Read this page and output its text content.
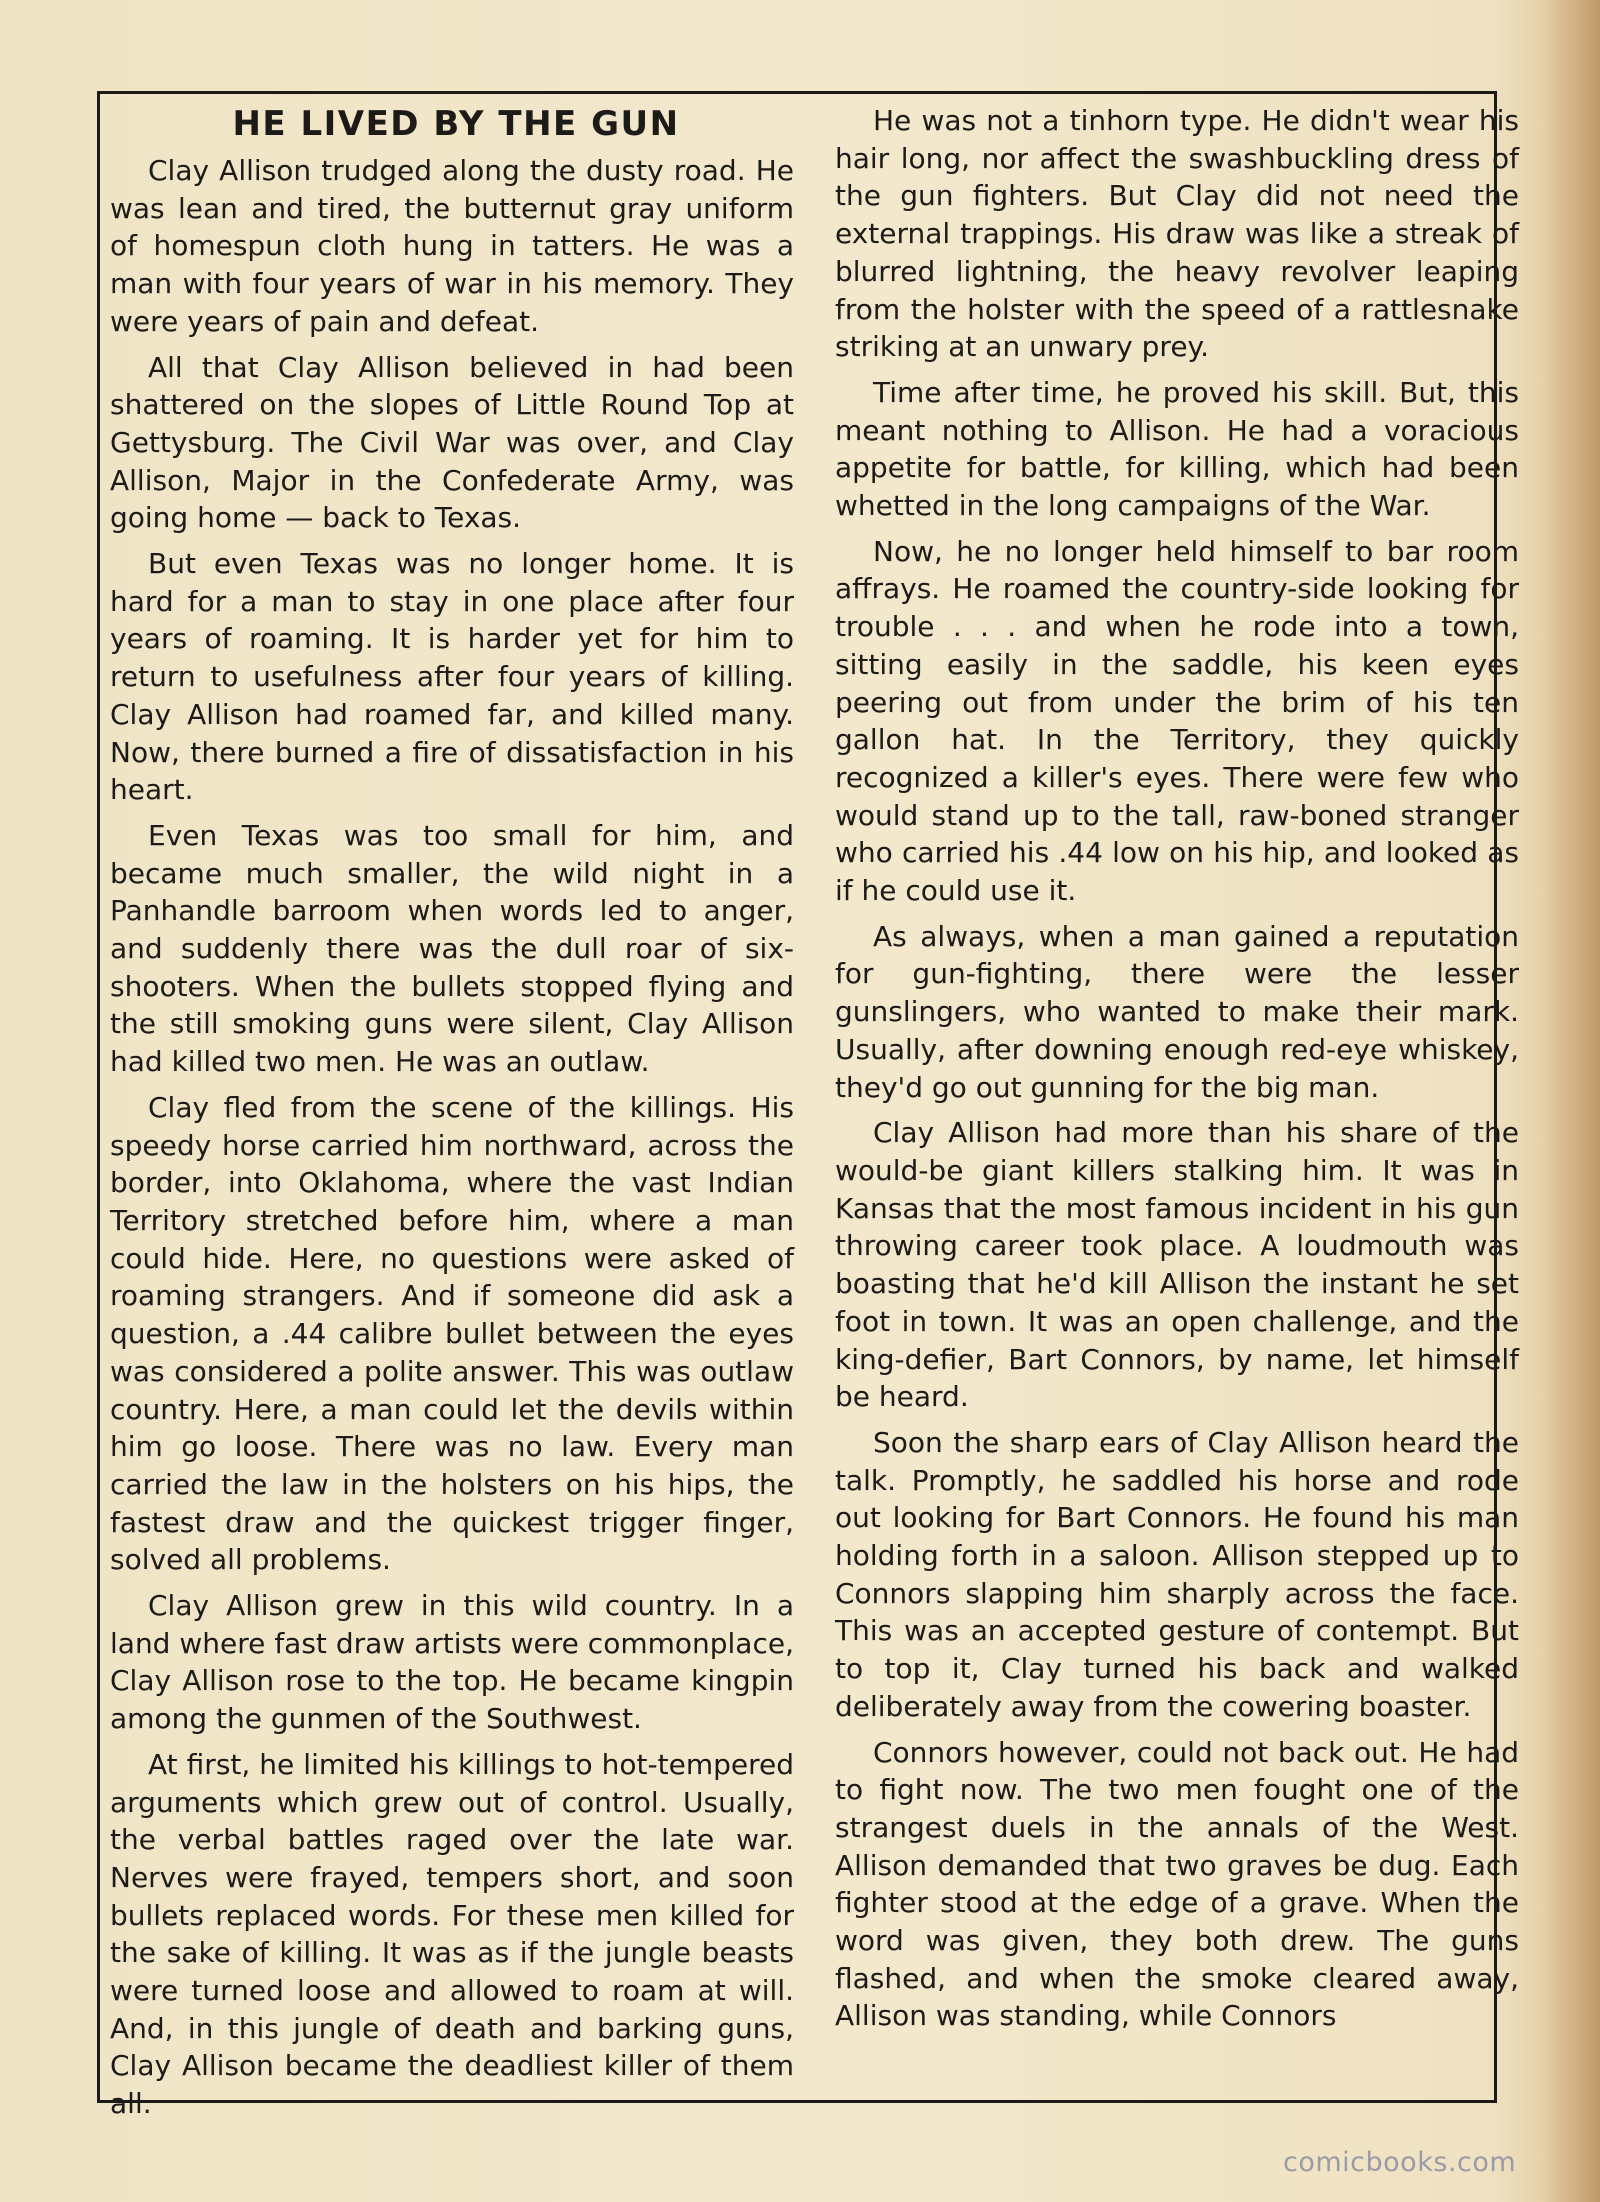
HE LIVED BY THE GUN

Clay Allison trudged along the dusty road. He was lean and tired, the butternut gray uniform of homespun cloth hung in tatters. He was a man with four years of war in his memory. They were years of pain and defeat.

All that Clay Allison believed in had been shattered on the slopes of Little Round Top at Gettysburg. The Civil War was over, and Clay Allison, Major in the Confederate Army, was going home — back to Texas.

But even Texas was no longer home. It is hard for a man to stay in one place after four years of roaming. It is harder yet for him to return to usefulness after four years of killing. Clay Allison had roamed far, and killed many. Now, there burned a fire of dissatisfaction in his heart.

Even Texas was too small for him, and became much smaller, the wild night in a Panhandle barroom when words led to anger, and suddenly there was the dull roar of six-shooters. When the bullets stopped flying and the still smoking guns were silent, Clay Allison had killed two men. He was an outlaw.

Clay fled from the scene of the killings. His speedy horse carried him northward, across the border, into Oklahoma, where the vast Indian Territory stretched before him, where a man could hide. Here, no questions were asked of roaming strangers. And if someone did ask a question, a .44 calibre bullet between the eyes was considered a polite answer. This was outlaw country. Here, a man could let the devils within him go loose. There was no law. Every man carried the law in the holsters on his hips, the fastest draw and the quickest trigger finger, solved all problems.

Clay Allison grew in this wild country. In a land where fast draw artists were commonplace, Clay Allison rose to the top. He became kingpin among the gunmen of the Southwest.

At first, he limited his killings to hot-tempered arguments which grew out of control. Usually, the verbal battles raged over the late war. Nerves were frayed, tempers short, and soon bullets replaced words. For these men killed for the sake of killing. It was as if the jungle beasts were turned loose and allowed to roam at will. And, in this jungle of death and barking guns, Clay Allison became the deadliest killer of them all.

He was not a tinhorn type. He didn't wear his hair long, nor affect the swashbuckling dress of the gun fighters. But Clay did not need the external trappings. His draw was like a streak of blurred lightning, the heavy revolver leaping from the holster with the speed of a rattlesnake striking at an unwary prey.

Time after time, he proved his skill. But, this meant nothing to Allison. He had a voracious appetite for battle, for killing, which had been whetted in the long campaigns of the War.

Now, he no longer held himself to bar room affrays. He roamed the country-side looking for trouble . . . and when he rode into a town, sitting easily in the saddle, his keen eyes peering out from under the brim of his ten gallon hat. In the Territory, they quickly recognized a killer's eyes. There were few who would stand up to the tall, raw-boned stranger who carried his .44 low on his hip, and looked as if he could use it.

As always, when a man gained a reputation for gun-fighting, there were the lesser gunslingers, who wanted to make their mark. Usually, after downing enough red-eye whiskey, they'd go out gunning for the big man.

Clay Allison had more than his share of the would-be giant killers stalking him. It was in Kansas that the most famous incident in his gun throwing career took place. A loudmouth was boasting that he'd kill Allison the instant he set foot in town. It was an open challenge, and the king-defier, Bart Connors, by name, let himself be heard.

Soon the sharp ears of Clay Allison heard the talk. Promptly, he saddled his horse and rode out looking for Bart Connors. He found his man holding forth in a saloon. Allison stepped up to Connors slapping him sharply across the face. This was an accepted gesture of contempt. But to top it, Clay turned his back and walked deliberately away from the cowering boaster.

Connors however, could not back out. He had to fight now. The two men fought one of the strangest duels in the annals of the West. Allison demanded that two graves be dug. Each fighter stood at the edge of a grave. When the word was given, they both drew. The guns flashed, and when the smoke cleared away, Allison was standing, while Connors

comicbooks.com
